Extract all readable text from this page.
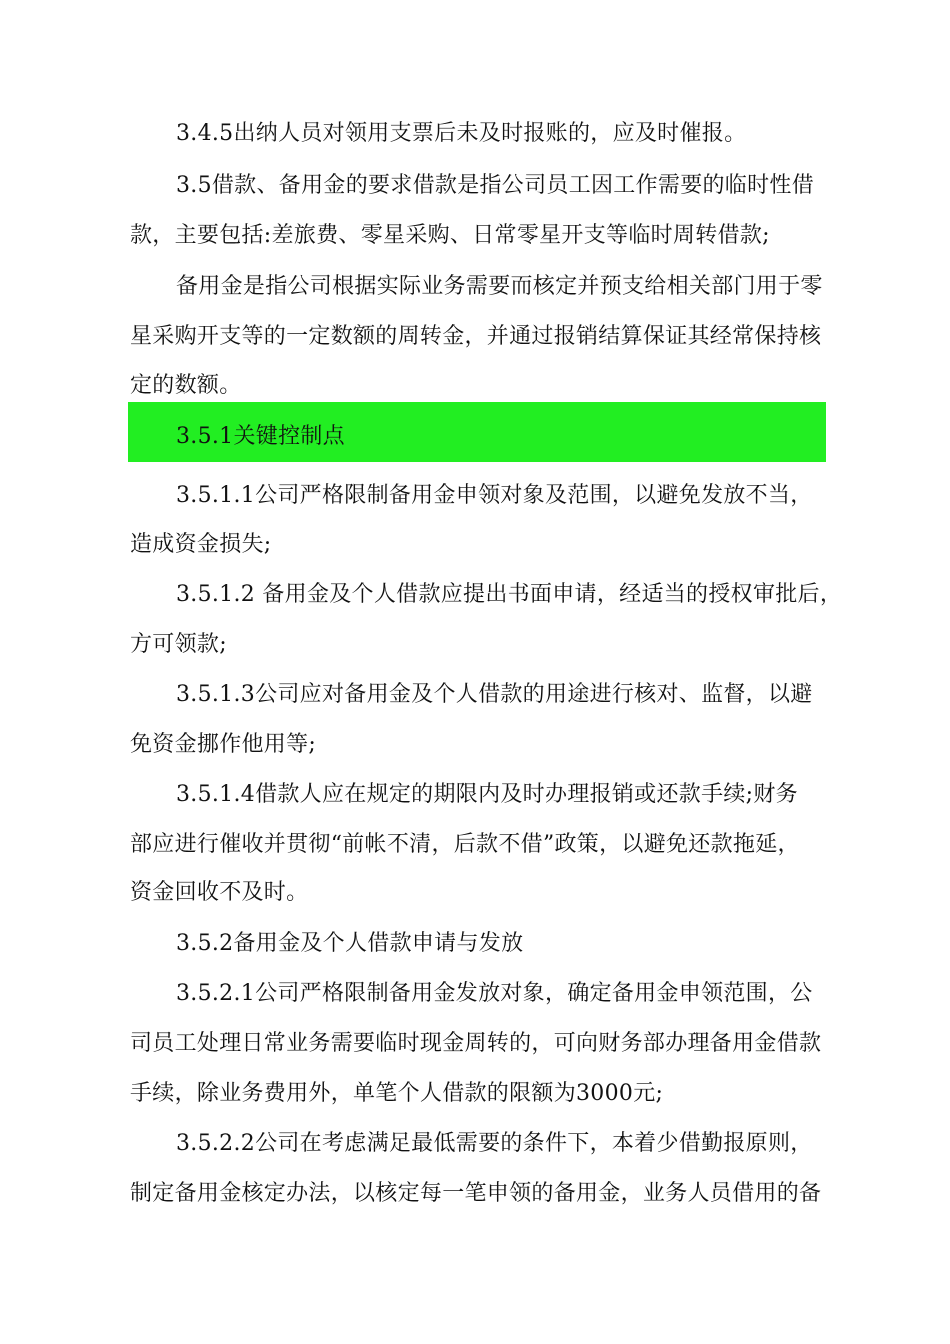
3.4.5出纳人员对领用支票后未及时报账的，应及时催报。
3.5借款、备用金的要求借款是指公司员工因工作需要的临时性借
款，主要包括:差旅费、零星采购、日常零星开支等临时周转借款;
备用金是指公司根据实际业务需要而核定并预支给相关部门用于零
星采购开支等的一定数额的周转金，并通过报销结算保证其经常保持核
定的数额。
3.5.1关键控制点
3.5.1.1公司严格限制备用金申领对象及范围，以避免发放不当，
造成资金损失;
3.5.1.2 备用金及个人借款应提出书面申请，经适当的授权审批后，
方可领款;
3.5.1.3公司应对备用金及个人借款的用途进行核对、监督，以避
免资金挪作他用等;
3.5.1.4借款人应在规定的期限内及时办理报销或还款手续;财务
部应进行催收并贯彻“前帐不清，后款不借”政策，以避免还款拖延，
资金回收不及时。
3.5.2备用金及个人借款申请与发放
3.5.2.1公司严格限制备用金发放对象，确定备用金申领范围，公
司员工处理日常业务需要临时现金周转的，可向财务部办理备用金借款
手续，除业务费用外，单笔个人借款的限额为3000元;
3.5.2.2公司在考虑满足最低需要的条件下，本着少借勤报原则，
制定备用金核定办法，以核定每一笔申领的备用金，业务人员借用的备
